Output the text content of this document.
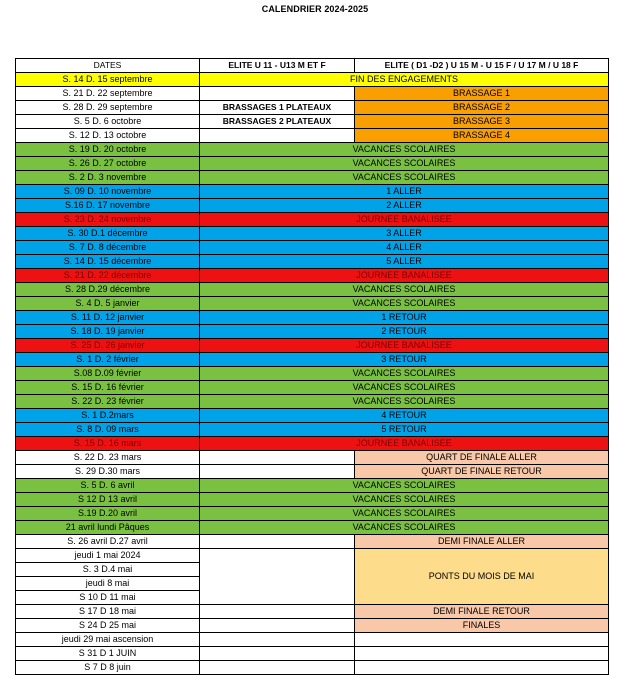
CALENDRIER 2024-2025
DATES	ELITE U 11 - U13 M ET F	ELITE ( D1 -D2 ) U 15 M - U 15 F / U 17 M / U 18 F
S. 14 D. 15 septembre	FIN DES ENGAGEMENTS	
S. 21 D. 22 septembre		BRASSAGE 1
S. 28 D. 29 septembre	BRASSAGES 1 PLATEAUX	BRASSAGE 2
S. 5 D. 6 octobre	BRASSAGES 2 PLATEAUX	BRASSAGE 3
S. 12 D. 13 octobre		BRASSAGE 4
S. 19 D. 20 octobre	VACANCES SCOLAIRES	
S. 26 D. 27 octobre	VACANCES SCOLAIRES	
S. 2 D. 3 novembre	VACANCES SCOLAIRES	
S. 09 D. 10 novembre	1 ALLER	
S.16 D. 17 novembre	2 ALLER	
S. 23 D. 24 novembre	JOURNEE BANALISEE	
S. 30 D.1 décembre	3 ALLER	
S. 7 D. 8 décembre	4 ALLER	
S. 14 D. 15 décembre	5 ALLER	
S. 21 D. 22 décembre	JOURNEE BANALISEE	
S. 28 D.29 décembre	VACANCES SCOLAIRES	
S. 4 D. 5 janvier	VACANCES SCOLAIRES	
S. 11 D. 12 janvier	1 RETOUR	
S. 18 D. 19 janvier	2 RETOUR	
S. 25 D. 26 janvier	JOURNEE BANALISEE	
S. 1 D. 2 février	3 RETOUR	
S.08 D.09 février	VACANCES SCOLAIRES	
S. 15 D. 16 février	VACANCES SCOLAIRES	
S. 22 D. 23 février	VACANCES SCOLAIRES	
S. 1 D.2mars	4 RETOUR	
S. 8 D. 09 mars	5 RETOUR	
S. 15 D. 16 mars	JOURNEE BANALISEE	
S. 22 D. 23 mars		QUART DE FINALE ALLER
S. 29 D.30 mars		QUART DE FINALE RETOUR
S. 5 D. 6 avril	VACANCES SCOLAIRES	
S 12 D 13 avril	VACANCES SCOLAIRES	
S.19 D.20 avril	VACANCES SCOLAIRES	
21 avril lundi Pâques	VACANCES SCOLAIRES	
S. 26 avril D.27 avril		DEMI FINALE ALLER
jeudi 1 mai 2024		PONTS DU MOIS DE MAI
S. 3 D.4 mai		
jeudi 8 mai		
S 10 D 11 mai		
S 17 D 18 mai		DEMI FINALE RETOUR
S 24 D 25 mai		FINALES
jeudi 29 mai ascension		
S 31 D 1 JUIN		
S 7 D 8 juin		
